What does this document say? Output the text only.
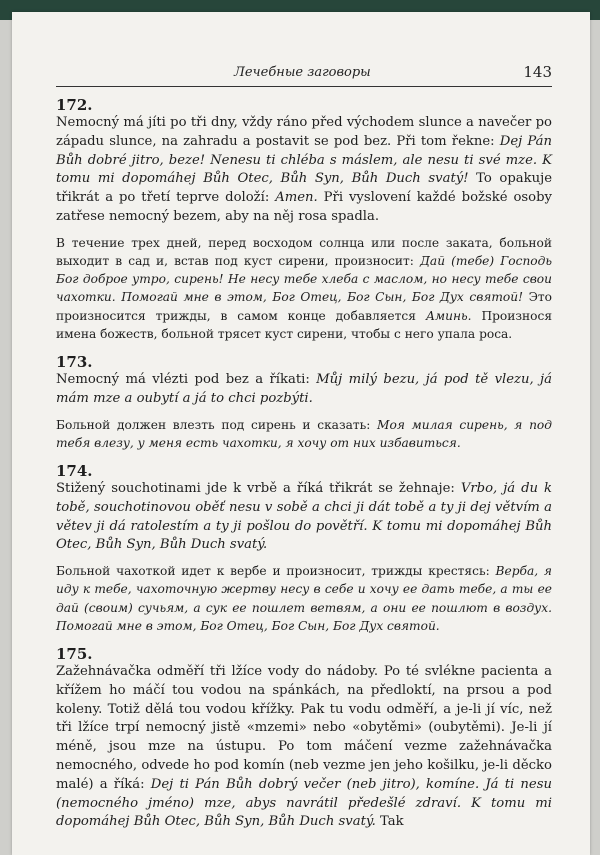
Лечебные заговоры	143
172.

Nemocný má jíti po tři dny, vždy ráno před východem slunce a navečer po západu slunce, na zahradu a postavit se pod bez. Při tom řekne: Dej Pán Bůh dobré jitro, beze! Nenesu ti chléba s máslem, ale nesu ti své mze. K tomu mi dopomáhej Bůh Otec, Bůh Syn, Bůh Duch svatý! To opakuje třikrát a po třetí teprve doloží: Amen. Při vyslovení každé božské osoby zatřese nemocný bezem, aby na něj rosa spadla.

В течение трех дней, перед восходом солнца или после заката, больной выходит в сад и, встав под куст сирени, произносит: Дай (тебе) Господь Бог доброе утро, сирень! Не несу тебе хлеба с маслом, но несу тебе свои чахотки. Помогай мне в этом, Бог Отец, Бог Сын, Бог Дух святой! Это произносится трижды, в самом конце добавляется Аминь. Произнося имена божеств, больной трясет куст сирени, чтобы с него упала роса.

173.

Nemocný má vlézti pod bez a říkati: Můj milý bezu, já pod tě vlezu, já mám mze a oubytí a já to chci pozbýti.

Больной должен влезть под сирень и сказать: Моя милая сирень, я под тебя влезу, у меня есть чахотки, я хочу от них избавиться.

174.

Stižený souchotinami jde k vrbě a říká třikrát se žehnaje: Vrbo, já du k tobě, souchotinovou oběť nesu v sobě a chci ji dát tobě a ty ji dej větvím a větev ji dá ratolestím a ty ji pošlou do povětří. K tomu mi dopomáhej Bůh Otec, Bůh Syn, Bůh Duch svatý.

Больной чахоткой идет к вербе и произносит, трижды крестясь: Верба, я иду к тебе, чахоточную жертву несу в себе и хочу ее дать тебе, а ты ее дай (своим) сучьям, а сук ее пошлет ветвям, а они ее пошлют в воздух. Помогай мне в этом, Бог Отец, Бог Сын, Бог Дух святой.

175.

Zažehnávačka odměří tři lžíce vody do nádoby. Po té svlékne pacienta a křížem ho máčí tou vodou na spánkách, na předloktí, na prsou a pod koleny. Totiž dělá tou vodou křížky. Pak tu vodu odměří, a je-li jí víc, než tři lžíce trpí nemocný jistě «mzemi» nebo «obytěmi» (oubytěmi). Je-li jí méně, jsou mze na ústupu. Po tom máčení vezme zažehnávačka nemocného, odvede ho pod komín (neb vezme jen jeho košilku, je-li děcko malé) a říká: Dej ti Pán Bůh dobrý večer (neb jitro), komíne. Já ti nesu (nemocného jméno) mze, abys navrátil předešlé zdraví. K tomu mi dopomáhej Bůh Otec, Bůh Syn, Bůh Duch svatý. Tak
